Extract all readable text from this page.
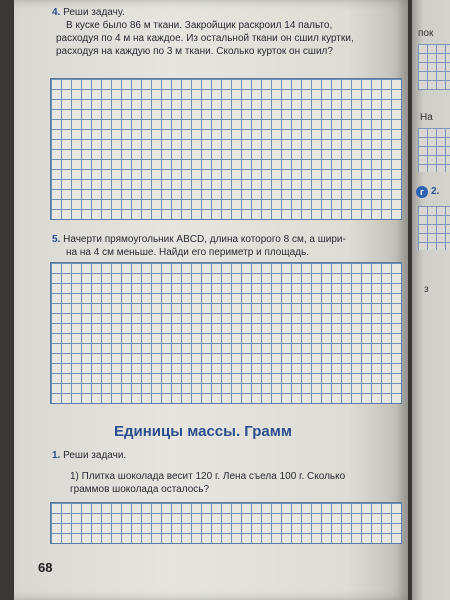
4. Реши задачу.
В куске было 86 м ткани. Закройщик раскроил 14 пальто,
расходуя по 4 м на каждое. Из остальной ткани он сшил куртки,
расходуя на каждую по 3 м ткани. Сколько курток он сшил?
5. Начерти прямоугольник ABCD, длина которого 8 см, а шири-
на на 4 см меньше. Найди его периметр и площадь.
Единицы массы. Грамм
1. Реши задачи.
1) Плитка шоколада весит 120 г. Лена съела 100 г. Сколько
граммов шоколада осталось?
68
пок
На
г 2.
з
